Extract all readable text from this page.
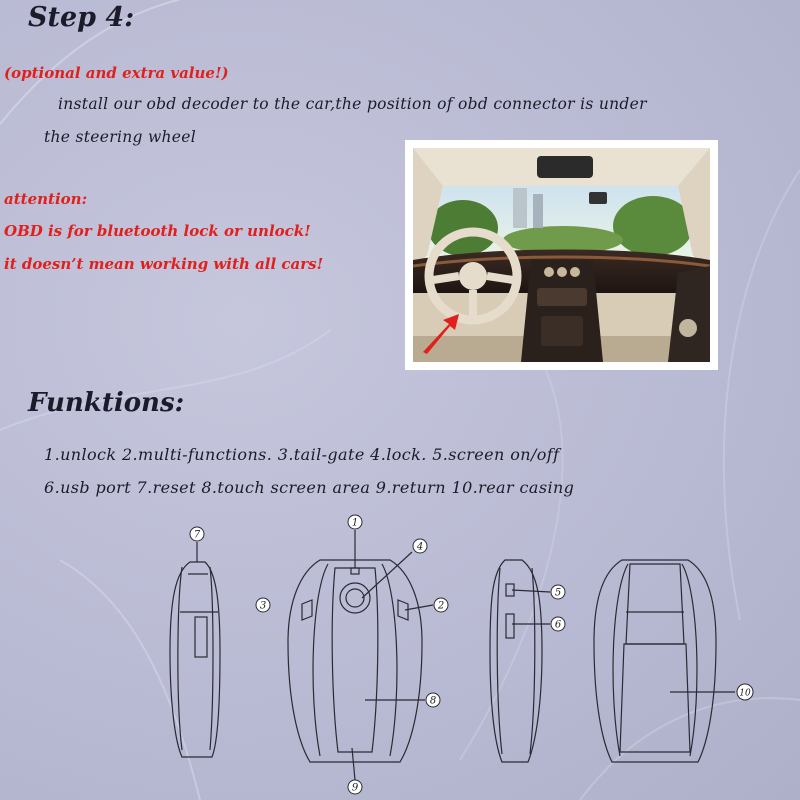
Step 4:
(optional and extra value!)
install our obd decoder to the car,the position of obd connector is under
the steering wheel
attention:
OBD is for bluetooth lock or unlock!
it doesn’t mean working with all cars!
Funktions:
1.unlock 2.multi-functions. 3.tail-gate 4.lock. 5.screen on/off
6.usb port 7.reset 8.touch screen area 9.return 10.rear casing
7
1
4
2
3
8
9
5
6
10
